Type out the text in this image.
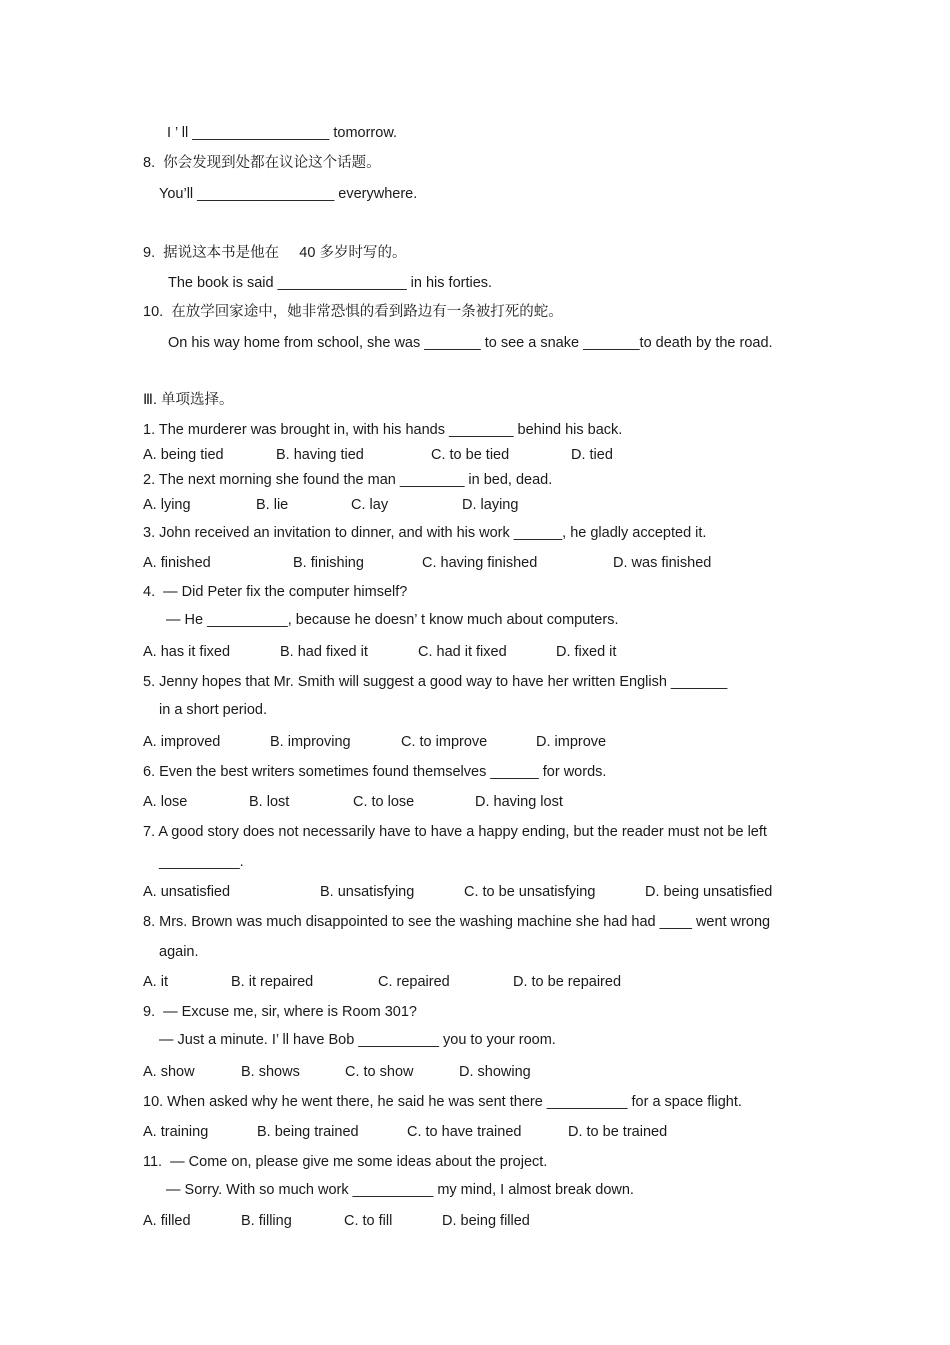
I ’ ll _________________ tomorrow.
8.  你会发现到处都在议论这个话题。
You’ll _________________ everywhere.
9.  据说这本书是他在     40 多岁时写的。
The book is said ________________ in his forties.
10.  在放学回家途中，她非常恐惧的看到路边有一条被打死的蛇。
On his way home from school, she was _______ to see a snake _______to death by the road.
Ⅲ. 单项选择。
1. The murderer was brought in, with his hands ________ behind his back.
A. being tied	B. having tied	C. to be tied	D. tied
2. The next morning she found the man ________ in bed, dead.
A. lying	B. lie	C. lay	D. laying
3. John received an invitation to dinner, and with his work ______, he gladly accepted it.
A. finished	B. finishing	C. having finished	D. was finished
4.  — Did Peter fix the computer himself?
— He __________, because he doesn’ t know much about computers.
A. has it fixed	B. had fixed it	C. had it fixed	D. fixed it
5. Jenny hopes that Mr. Smith will suggest a good way to have her written English _______
in a short period.
A. improved	B. improving	C. to improve	D. improve
6. Even the best writers sometimes found themselves ______ for words.
A. lose	B. lost	C. to lose	D. having lost
7. A good story does not necessarily have to have a happy ending, but the reader must not be left
__________.
A. unsatisfied	B. unsatisfying	C. to be unsatisfying	D. being unsatisfied
8. Mrs. Brown was much disappointed to see the washing machine she had had ____ went wrong
again.
A. it	B. it repaired	C. repaired	D. to be repaired
9.  — Excuse me, sir, where is Room 301?
— Just a minute. I’ ll have Bob __________ you to your room.
A. show	B. shows	C. to show	D. showing
10. When asked why he went there, he said he was sent there __________ for a space flight.
A. training	B. being trained	C. to have trained	D. to be trained
11.  — Come on, please give me some ideas about the project.
— Sorry. With so much work __________ my mind, I almost break down.
A. filled	B. filling	C. to fill	D. being filled
